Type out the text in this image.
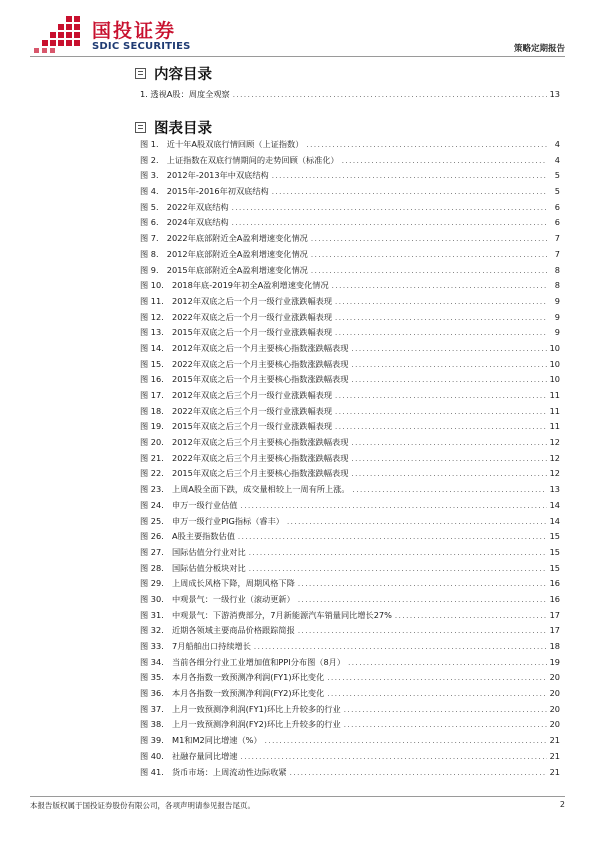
国投证券
SDIC SECURITIES	策略定期报告
内容目录
1. 透视A股：周度全观察 .....	13
图表目录
图 1.　近十年A股双底行情回顾（上证指数） .....	4
图 2.　上证指数在双底行情期间的走势回顾（标准化） .....	4
图 3.　2012年-2013年中双底结构 .....	5
图 4.　2015年-2016年初双底结构 .....	5
图 5.　2022年双底结构 .....	6
图 6.　2024年双底结构 .....	6
图 7.　2022年底部附近全A盈利增速变化情况 .....	7
图 8.　2012年底部附近全A盈利增速变化情况 .....	7
图 9.　2015年底部附近全A盈利增速变化情况 .....	8
图 10.　2018年底-2019年初全A盈利增速变化情况 .....	8
图 11.　2012年双底之后一个月一级行业涨跌幅表现 .....	9
图 12.　2022年双底之后一个月一级行业涨跌幅表现 .....	9
图 13.　2015年双底之后一个月一级行业涨跌幅表现 .....	9
图 14.　2012年双底之后一个月主要核心指数涨跌幅表现 .....	10
图 15.　2022年双底之后一个月主要核心指数涨跌幅表现 .....	10
图 16.　2015年双底之后一个月主要核心指数涨跌幅表现 .....	10
图 17.　2012年双底之后三个月一级行业涨跌幅表现 .....	11
图 18.　2022年双底之后三个月一级行业涨跌幅表现 .....	11
图 19.　2015年双底之后三个月一级行业涨跌幅表现 .....	11
图 20.　2012年双底之后三个月主要核心指数涨跌幅表现 .....	12
图 21.　2022年双底之后三个月主要核心指数涨跌幅表现 .....	12
图 22.　2015年双底之后三个月主要核心指数涨跌幅表现 .....	12
图 23.　上周A股全面下跌，成交量相较上一周有所上涨。 .....	13
图 24.　申万一级行业估值 .....	14
图 25.　申万一级行业PIG指标（睿丰） .....	14
图 26.　A股主要指数估值 .....	15
图 27.　国际估值分行业对比 .....	15
图 28.　国际估值分板块对比 .....	15
图 29.　上周成长风格下降，周期风格下降 .....	16
图 30.　中观景气：一级行业（滚动更新） .....	16
图 31.　中观景气：下游消费部分，7月新能源汽车销量同比增长27% .....	17
图 32.　近期各领域主要商品价格跟踪简报 .....	17
图 33.　7月船舶出口持续增长 .....	18
图 34.　当前各细分行业工业增加值和PPI分布图（8月） .....	19
图 35.　本月各指数一致预测净利润(FY1)环比变化 .....	20
图 36.　本月各指数一致预测净利润(FY2)环比变化 .....	20
图 37.　上月一致预测净利润(FY1)环比上升较多的行业 .....	20
图 38.　上月一致预测净利润(FY2)环比上升较多的行业 .....	20
图 39.　M1和M2同比增速（%） .....	21
图 40.　社融存量同比增速 .....	21
图 41.　货币市场：上周流动性边际收紧 .....	21
本报告版权属于国投证券股份有限公司，各项声明请参见报告尾页。	2
